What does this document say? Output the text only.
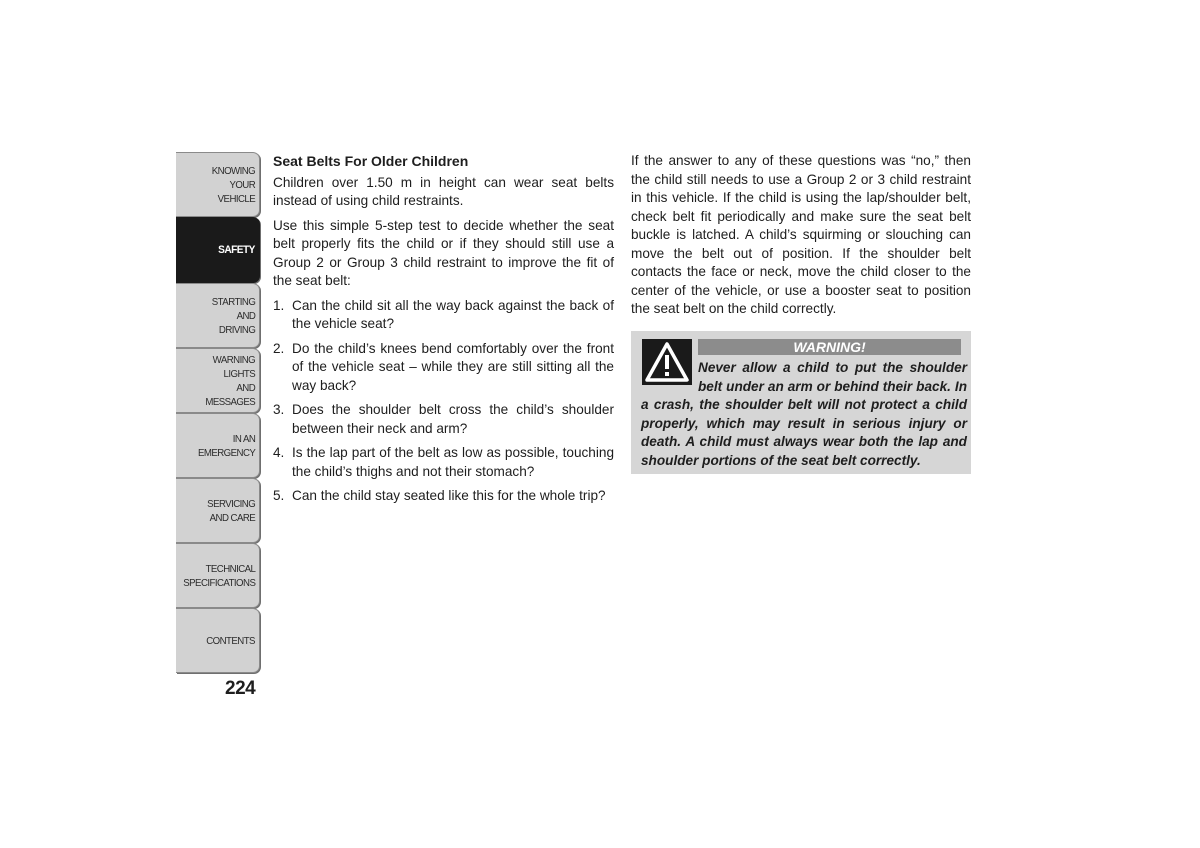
KNOWING
YOUR
VEHICLE
SAFETY
STARTING
AND
DRIVING
WARNING
LIGHTS
AND
MESSAGES
IN AN
EMERGENCY
SERVICING
AND CARE
TECHNICAL
SPECIFICATIONS
CONTENTS
224
Seat Belts For Older Children

Children over 1.50 m in height can wear seat belts instead of using child restraints.

Use this simple 5-step test to decide whether the seat belt properly fits the child or if they should still use a Group 2 or Group 3 child restraint to improve the fit of the seat belt:

1. Can the child sit all the way back against the back of the vehicle seat?
2. Do the child’s knees bend comfortably over the front of the vehicle seat – while they are still sitting all the way back?
3. Does the shoulder belt cross the child’s shoulder between their neck and arm?
4. Is the lap part of the belt as low as possible, touching the child’s thighs and not their stomach?
5. Can the child stay seated like this for the whole trip?

If the answer to any of these questions was “no,” then the child still needs to use a Group 2 or 3 child restraint in this vehicle. If the child is using the lap/shoulder belt, check belt fit periodically and make sure the seat belt buckle is latched. A child’s squirming or slouching can move the belt out of position. If the shoulder belt contacts the face or neck, move the child closer to the center of the vehicle, or use a booster seat to position the seat belt on the child correctly.

WARNING!
Never allow a child to put the shoulder belt under an arm or behind their back. In a crash, the shoulder belt will not protect a child properly, which may result in serious injury or death. A child must always wear both the lap and shoulder portions of the seat belt correctly.
